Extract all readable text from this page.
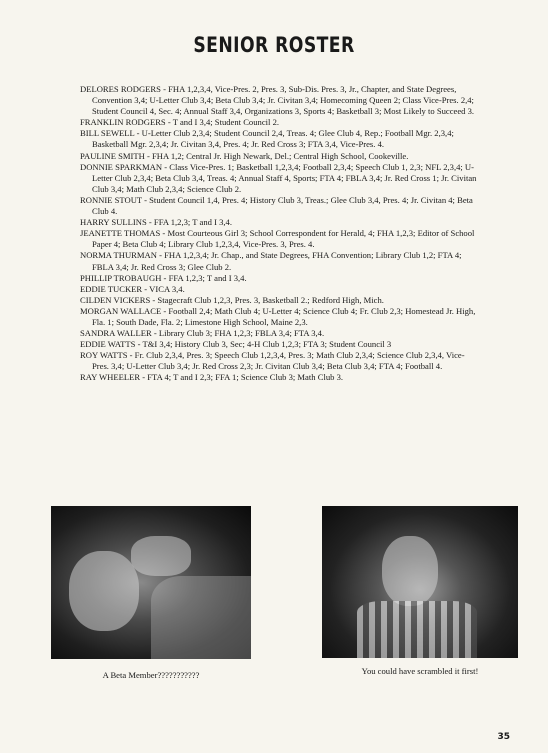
SENIOR ROSTER

DELORES RODGERS - FHA 1,2,3,4, Vice-Pres. 2, Pres. 3, Sub-Dis. Pres. 3, Jr., Chapter, and State Degrees, Convention 3,4; U-Letter Club 3,4; Beta Club 3,4; Jr. Civitan 3,4; Homecoming Queen 2; Class Vice-Pres. 2,4; Student Council 4, Sec. 4; Annual Staff 3,4, Organizations 3, Sports 4; Basketball 3; Most Likely to Succeed 3.

FRANKLIN RODGERS - T and I 3,4; Student Council 2.

BILL SEWELL - U-Letter Club 2,3,4; Student Council 2,4, Treas. 4; Glee Club 4, Rep.; Football Mgr. 2,3,4; Basketball Mgr. 2,3,4; Jr. Civitan 3,4, Pres. 4; Jr. Red Cross 3; FTA 3,4, Vice-Pres. 4.

PAULINE SMITH - FHA 1,2; Central Jr. High Newark, Del.; Central High School, Cookeville.

DONNIE SPARKMAN - Class Vice-Pres. 1; Basketball 1,2,3,4; Football 2,3,4; Speech Club 1, 2,3; NFL 2,3,4; U-Letter Club 2,3,4; Beta Club 3,4, Treas. 4; Annual Staff 4, Sports; FTA 4; FBLA 3,4; Jr. Red Cross 1; Jr. Civitan Club 3,4; Math Club 2,3,4; Science Club 2.

RONNIE STOUT - Student Council 1,4, Pres. 4; History Club 3, Treas.; Glee Club 3,4, Pres. 4; Jr. Civitan 4; Beta Club 4.

HARRY SULLINS - FFA 1,2,3; T and I 3,4.

JEANETTE THOMAS - Most Courteous Girl 3; School Correspondent for Herald, 4; FHA 1,2,3; Editor of School Paper 4; Beta Club 4; Library Club 1,2,3,4, Vice-Pres. 3, Pres. 4.

NORMA THURMAN - FHA 1,2,3,4; Jr. Chap., and State Degrees, FHA Convention; Library Club 1,2; FTA 4; FBLA 3,4; Jr. Red Cross 3; Glee Club 2.

PHILLIP TROBAUGH - FFA 1,2,3; T and I 3,4.

EDDIE TUCKER - VICA 3,4.

CILDEN VICKERS - Stagecraft Club 1,2,3, Pres. 3, Basketball 2.; Redford High, Mich.

MORGAN WALLACE - Football 2,4; Math Club 4; U-Letter 4; Science Club 4; Fr. Club 2,3; Homestead Jr. High, Fla. 1; South Dade, Fla. 2; Limestone High School, Maine 2,3.

SANDRA WALLER - Library Club 3; FHA 1,2,3; FBLA 3,4; FTA 3,4.

EDDIE WATTS - T&I 3,4; History Club 3, Sec; 4-H Club 1,2,3; FTA 3; Student Council 3

ROY WATTS - Fr. Club 2,3,4, Pres. 3; Speech Club 1,2,3,4, Pres. 3; Math Club 2,3,4; Science Club 2,3,4, Vice-Pres. 3,4; U-Letter Club 3,4; Jr. Red Cross 2,3; Jr. Civitan Club 3,4; Beta Club 3,4; FTA 4; Football 4.

RAY WHEELER - FTA 4; T and I 2,3; FFA 1; Science Club 3; Math Club 3.

A Beta Member???????????	You could have scrambled it first!
35
